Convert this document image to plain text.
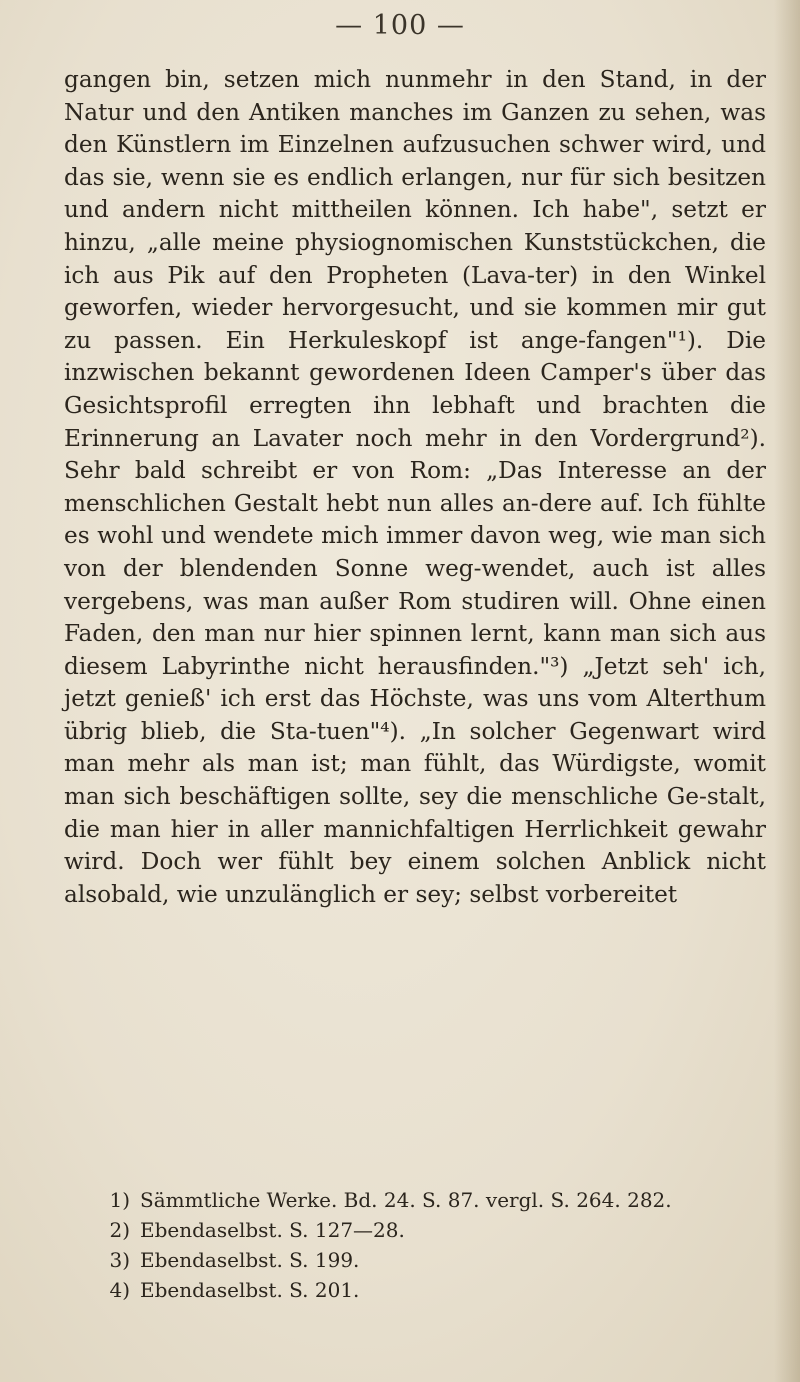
— 100 —

gangen bin, setzen mich nunmehr in den Stand, in der Natur und den Antiken manches im Ganzen zu sehen, was den Künstlern im Einzelnen aufzusuchen schwer wird, und das sie, wenn sie es endlich erlangen, nur für sich besitzen und andern nicht mittheilen können. Ich habe", setzt er hinzu, „alle meine physiognomischen Kunststückchen, die ich aus Pik auf den Propheten (Lava-ter) in den Winkel geworfen, wieder hervorgesucht, und sie kommen mir gut zu passen. Ein Herkuleskopf ist ange-fangen"¹). Die inzwischen bekannt gewordenen Ideen Camper's über das Gesichtsprofil erregten ihn lebhaft und brachten die Erinnerung an Lavater noch mehr in den Vordergrund²). Sehr bald schreibt er von Rom: „Das Interesse an der menschlichen Gestalt hebt nun alles an-dere auf. Ich fühlte es wohl und wendete mich immer davon weg, wie man sich von der blendenden Sonne weg-wendet, auch ist alles vergebens, was man außer Rom studiren will. Ohne einen Faden, den man nur hier spinnen lernt, kann man sich aus diesem Labyrinthe nicht herausfinden."³) „Jetzt seh' ich, jetzt genieß' ich erst das Höchste, was uns vom Alterthum übrig blieb, die Sta-tuen"⁴). „In solcher Gegenwart wird man mehr als man ist; man fühlt, das Würdigste, womit man sich beschäftigen sollte, sey die menschliche Ge-stalt, die man hier in aller mannichfaltigen Herrlichkeit gewahr wird. Doch wer fühlt bey einem solchen Anblick nicht alsobald, wie unzulänglich er sey; selbst vorbereitet

1) Sämmtliche Werke. Bd. 24. S. 87. vergl. S. 264. 282.
2) Ebendaselbst. S. 127—28.
3) Ebendaselbst. S. 199.
4) Ebendaselbst. S. 201.
